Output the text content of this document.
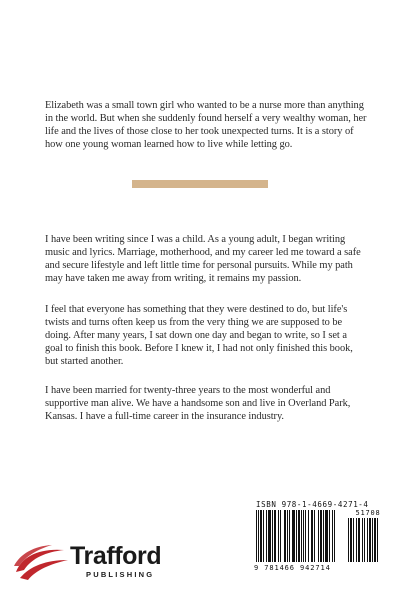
Elizabeth was a small town girl who wanted to be a nurse more than anything in the world. But when she suddenly found herself a very wealthy woman, her life and the lives of those close to her took unexpected turns. It is a story of how one young woman learned how to live while letting go.

I have been writing since I was a child. As a young adult, I began writing music and lyrics. Marriage, motherhood, and my career led me toward a safe and secure lifestyle and left little time for personal pursuits. While my path may have taken me away from writing, it remains my passion.

I feel that everyone has something that they were destined to do, but life's twists and turns often keep us from the very thing we are supposed to be doing. After many years, I sat down one day and began to write, so I set a goal to finish this book. Before I knew it, I had not only finished this book, but started another.

I have been married for twenty-three years to the most wonderful and supportive man alive. We have a handsome son and live in Overland Park, Kansas. I have a full-time career in the insurance industry.

ISBN 978-1-4669-4271-4
51708
9 781466 942714
Trafford
PUBLISHING
